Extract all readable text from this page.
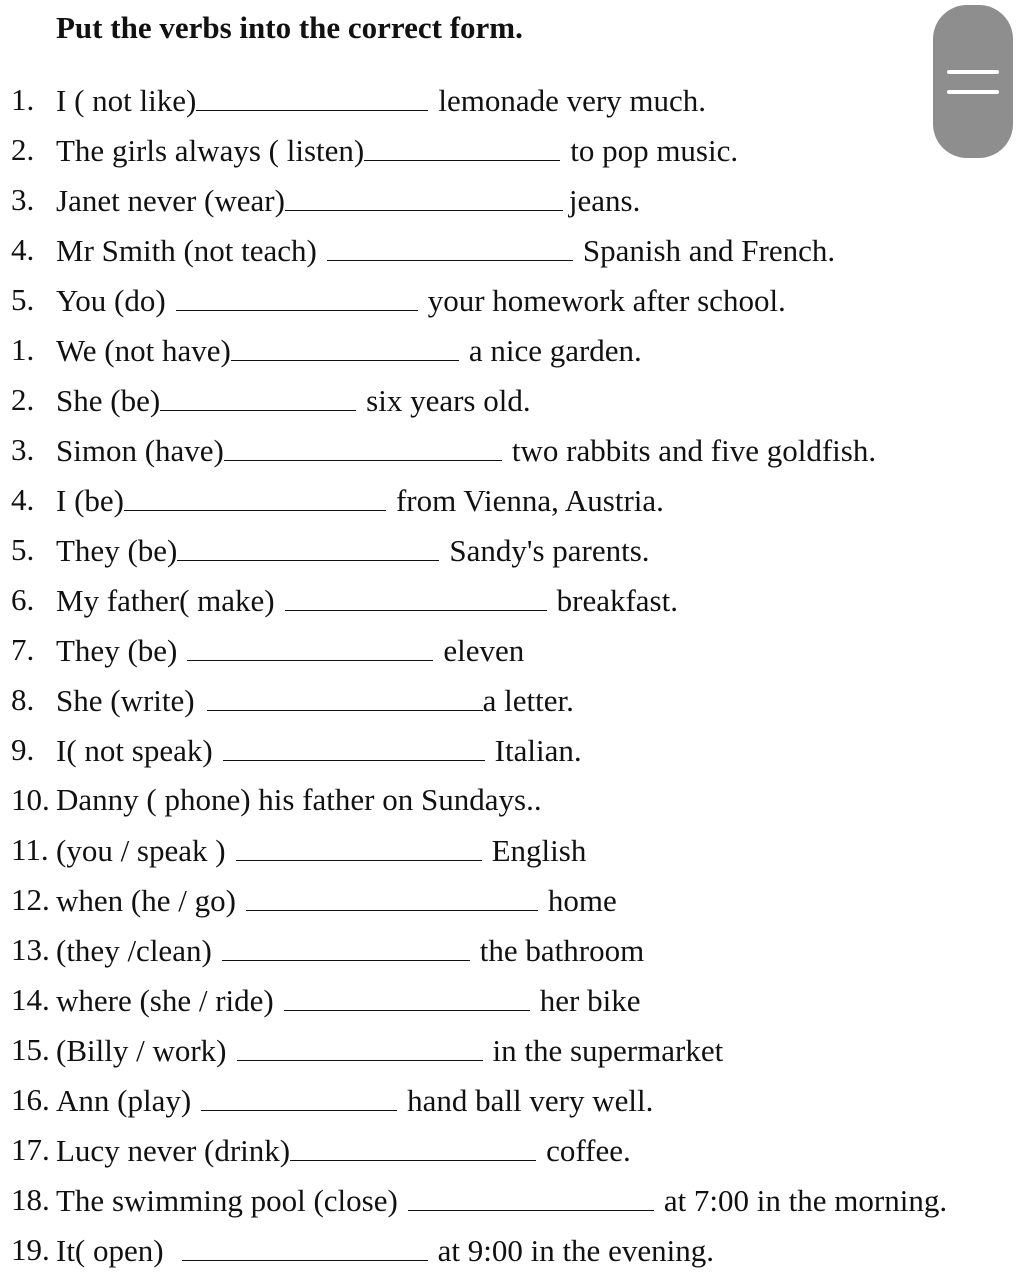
Put the verbs into the correct form.
1. I ( not like)	lemonade very much.
2. The girls always ( listen)	to pop music.
3. Janet never (wear)	jeans.
4. Mr Smith (not teach)	Spanish and French.
5. You (do)	your homework after school.
1. We (not have)	a nice garden.
2. She (be)	six years old.
3. Simon (have)	two rabbits and five goldfish.
4. I (be)	from Vienna, Austria.
5. They (be)	Sandy's parents.
6. My father( make)	breakfast.
7. They (be)	eleven
8. She (write)	a letter.
9. I( not speak)	Italian.
10. Danny ( phone) his father on Sundays..
11. (you / speak )	English
12. when (he / go)	home
13. (they /clean)	the bathroom
14. where (she / ride)	her bike
15. (Billy / work)	in the supermarket
16. Ann (play)	hand ball very well.
17. Lucy never (drink)	coffee.
18. The swimming pool (close)	at 7:00 in the morning.
19. It( open)	at 9:00 in the evening.
